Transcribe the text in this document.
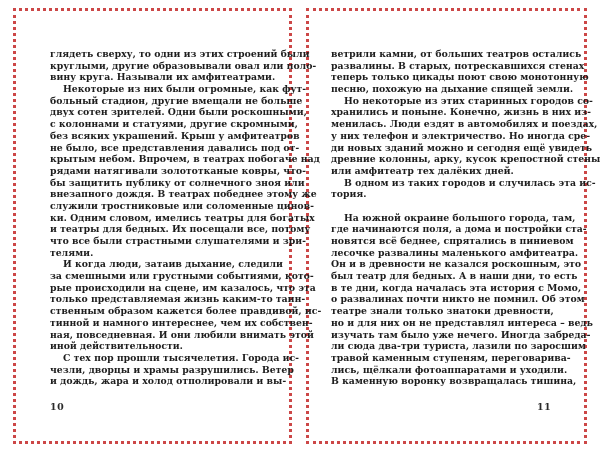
глядеть сверху, то одни из этих строений были
круглыми, другие образовывали овал или поло-
вину круга. Называли их амфитеатрами.
Некоторые из них были огромные, как фут-
больный стадион, другие вмещали не больше
двух сотен зрителей. Одни были роскошными,
с колоннами и статуями, другие скромными,
без всяких украшений. Крыш у амфитеатров
не было, все представления давались под от-
крытым небом. Впрочем, в театрах побогаче над
рядами натягивали золототканые ковры, что-
бы защитить публику от солнечного зноя или
внезапного дождя. В театрах победнее этому же
служили тростниковые или соломенные цинов-
ки. Одним словом, имелись театры для богатых
и театры для бедных. Их посещали все, потому
что все были страстными слушателями и зри-
телями.
И когда люди, затаив дыхание, следили
за смешными или грустными событиями, кото-
рые происходили на сцене, им казалось, что эта
только представляемая жизнь каким-то таин-
ственным образом кажется более правдивой, ис-
тинной и намного интереснее, чем их собствен-
ная, повседневная. И они любили внимать этой
иной действительности.
С тех пор прошли тысячелетия. Города ис-
чезли, дворцы и храмы разрушились. Ветер
и дождь, жара и холод отполировали и вы-
ветрили камни, от больших театров остались
развалины. В старых, потрескавшихся стенах
теперь только цикады поют свою монотонную
песню, похожую на дыхание спящей земли.
Но некоторые из этих старинных городов со-
хранились и поныне. Конечно, жизнь в них из-
менилась. Люди ездят в автомобилях и поездах,
у них телефон и электричество. Но иногда сре-
ди новых зданий можно и сегодня ещё увидеть
древние колонны, арку, кусок крепостной стены
или амфитеатр тех далёких дней.
В одном из таких городов и случилась эта ис-
тория.
На южной окраине большого города, там,
где начинаются поля, а дома и постройки ста-
новятся всё беднее, спрятались в пиниевом
лесочке развалины маленького амфитеатра.
Он и в древности не казался роскошным, это
был театр для бедных. А в наши дни, то есть
в те дни, когда началась эта история с Момо,
о развалинах почти никто не помнил. Об этом
театре знали только знатоки древности,
но и для них он не представлял интереса – ведь
изучать там было уже нечего. Иногда забреда-
ли сюда два-три туриста, лазили по заросшим
травой каменным ступеням, переговарива-
лись, щёлкали фотоаппаратами и уходили.
В каменную воронку возвращалась тишина,
10	11
